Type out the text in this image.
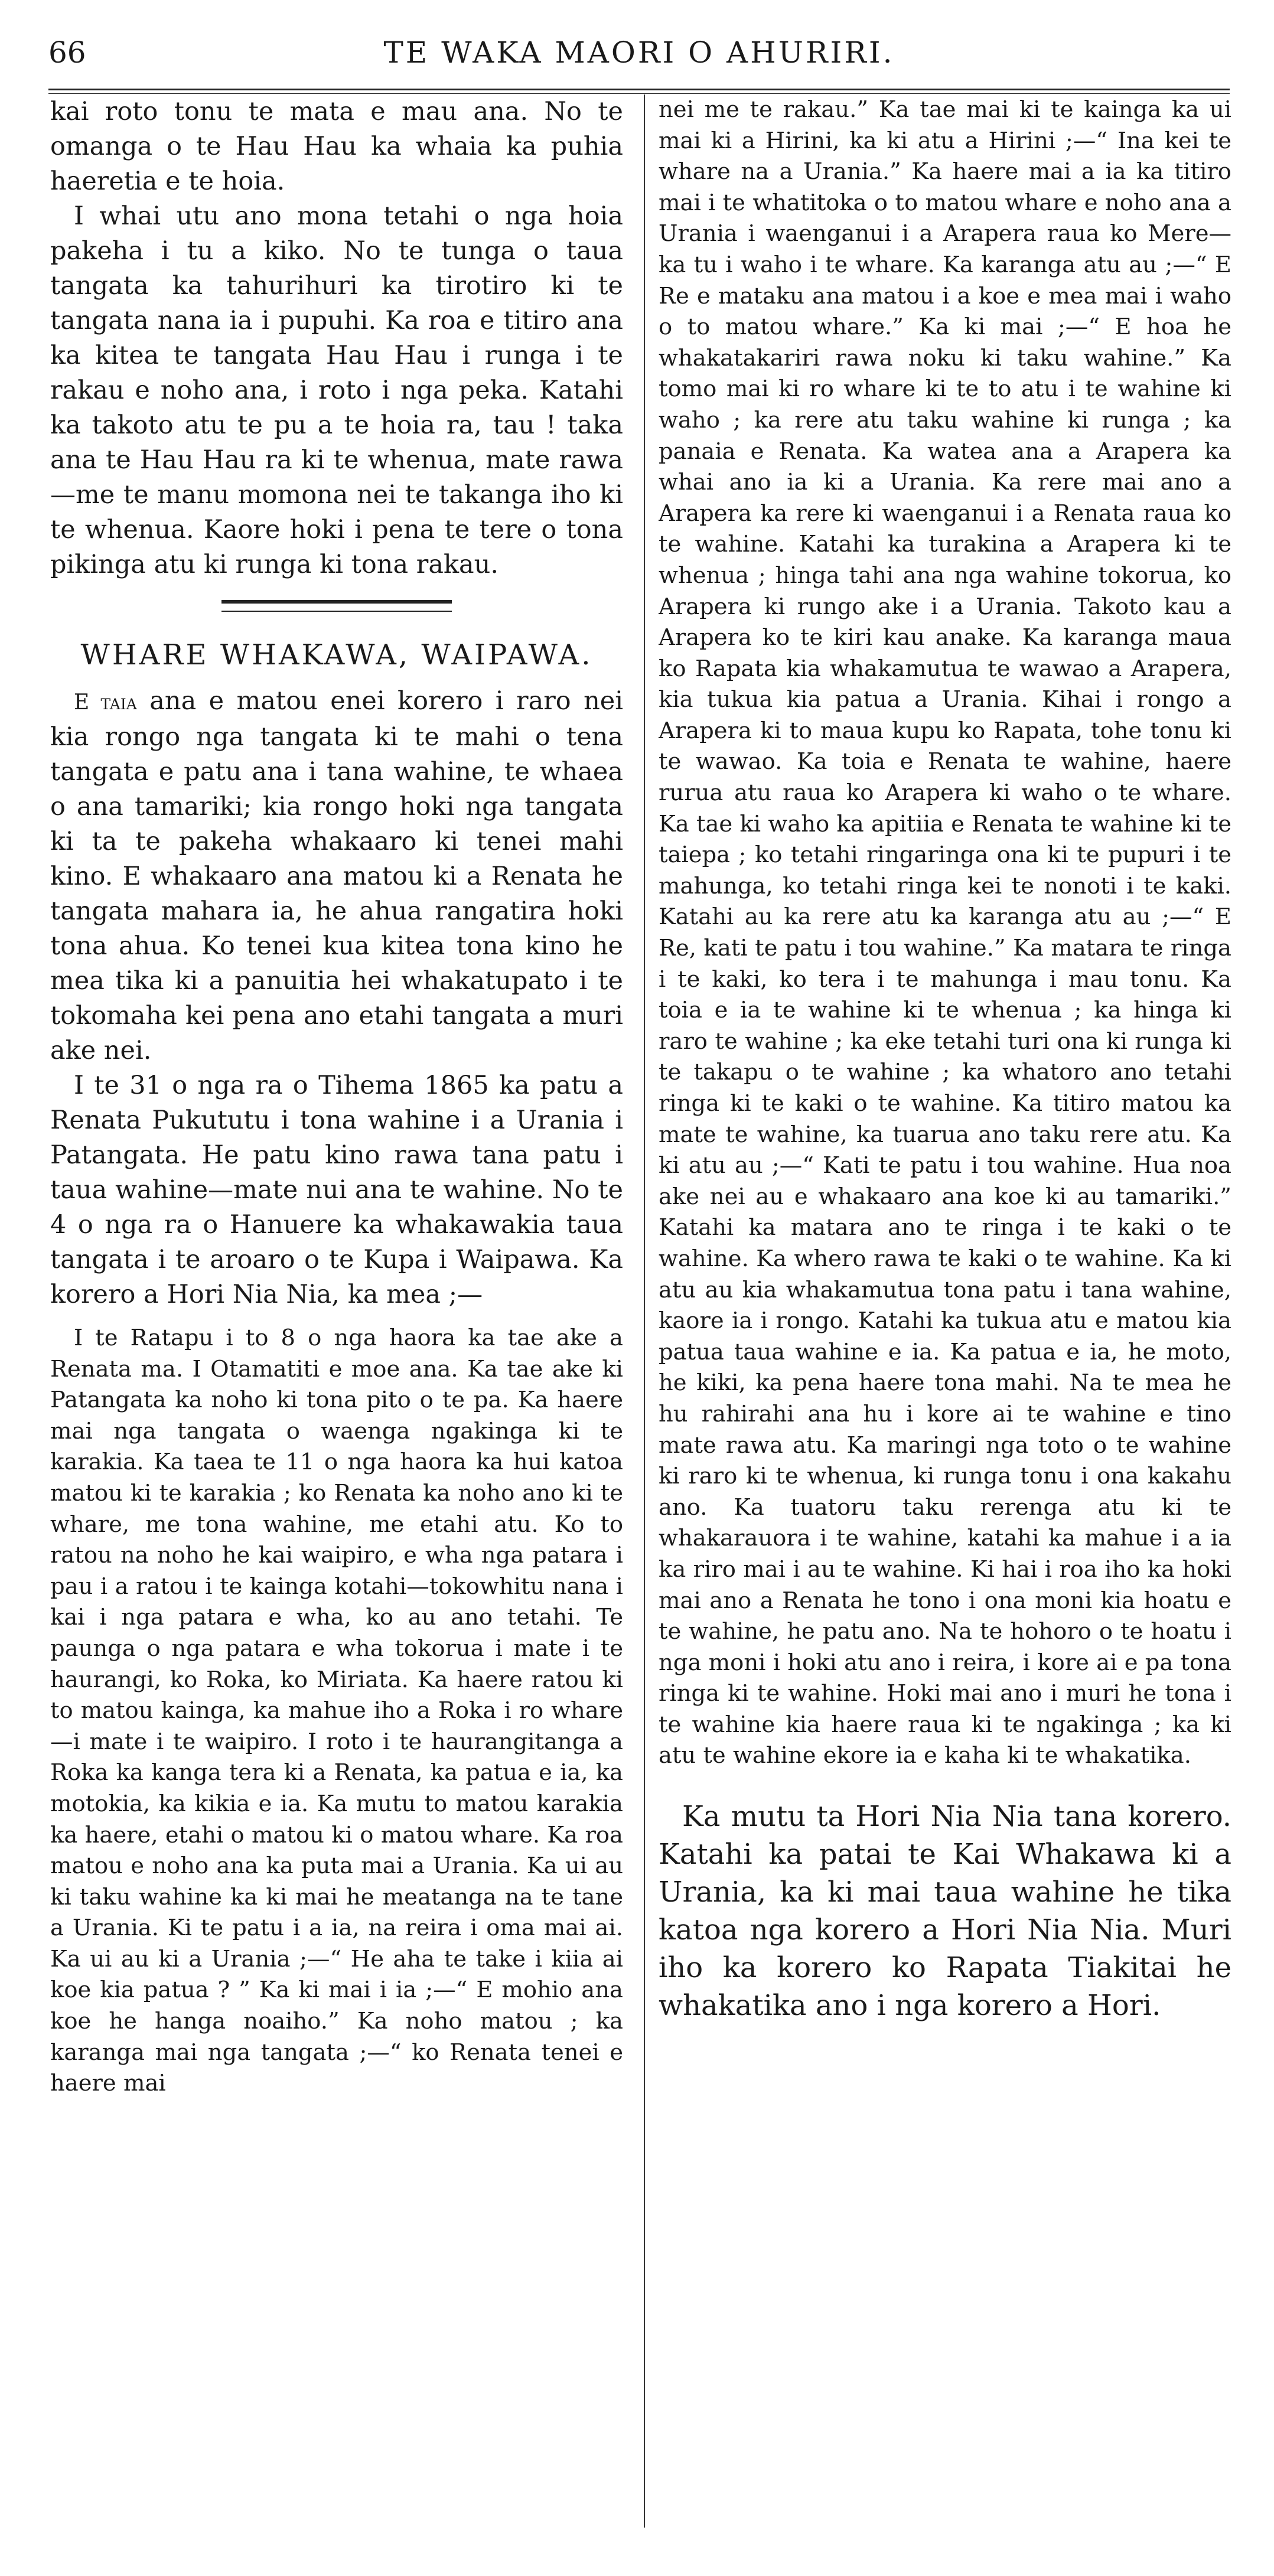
66	TE WAKA MAORI O AHURIRI.

kai roto tonu te mata e mau ana. No te omanga o te Hau Hau ka whaia ka puhia haeretia e te hoia.

I whai utu ano mona tetahi o nga hoia pakeha i tu a kiko. No te tunga o taua tangata ka tahurihuri ka tirotiro ki te tangata nana ia i pupuhi. Ka roa e titiro ana ka kitea te tangata Hau Hau i runga i te rakau e noho ana, i roto i nga peka. Katahi ka takoto atu te pu a te hoia ra, tau ! taka ana te Hau Hau ra ki te whenua, mate rawa—me te manu momona nei te takanga iho ki te whenua. Kaore hoki i pena te tere o tona pikinga atu ki runga ki tona rakau.

WHARE WHAKAWA, WAIPAWA.

E taia ana e matou enei korero i raro nei kia rongo nga tangata ki te mahi o tena tangata e patu ana i tana wahine, te whaea o ana tamariki; kia rongo hoki nga tangata ki ta te pakeha whakaaro ki tenei mahi kino. E whakaaro ana matou ki a Renata he tangata mahara ia, he ahua rangatira hoki tona ahua. Ko tenei kua kitea tona kino he mea tika ki a panuitia hei whakatupato i te tokomaha kei pena ano etahi tangata a muri ake nei.

I te 31 o nga ra o Tihema 1865 ka patu a Renata Pukututu i tona wahine i a Urania i Patangata. He patu kino rawa tana patu i taua wahine—mate nui ana te wahine. No te 4 o nga ra o Hanuere ka whakawakia taua tangata i te aroaro o te Kupa i Waipawa. Ka korero a Hori Nia Nia, ka mea ;—

I te Ratapu i to 8 o nga haora ka tae ake a Renata ma. I Otamatiti e moe ana. Ka tae ake ki Patangata ka noho ki tona pito o te pa. Ka haere mai nga tangata o waenga ngakinga ki te karakia. Ka taea te 11 o nga haora ka hui katoa matou ki te karakia ; ko Renata ka noho ano ki te whare, me tona wahine, me etahi atu. Ko to ratou na noho he kai waipiro, e wha nga patara i pau i a ratou i te kainga kotahi—tokowhitu nana i kai i nga patara e wha, ko au ano tetahi. Te paunga o nga patara e wha tokorua i mate i te haurangi, ko Roka, ko Miriata. Ka haere ratou ki to matou kainga, ka mahue iho a Roka i ro whare—i mate i te waipiro. I roto i te haurangitanga a Roka ka kanga tera ki a Renata, ka patua e ia, ka motokia, ka kikia e ia. Ka mutu to matou karakia ka haere, etahi o matou ki o matou whare. Ka roa matou e noho ana ka puta mai a Urania. Ka ui au ki taku wahine ka ki mai he meatanga na te tane a Urania. Ki te patu i a ia, na reira i oma mai ai. Ka ui au ki a Urania ;—“ He aha te take i kiia ai koe kia patua ? ” Ka ki mai i ia ;—“ E mohio ana koe he hanga noaiho.” Ka noho matou ; ka karanga mai nga tangata ;—“ ko Renata tenei e haere mai

nei me te rakau.” Ka tae mai ki te kainga ka ui mai ki a Hirini, ka ki atu a Hirini ;—“ Ina kei te whare na a Urania.” Ka haere mai a ia ka titiro mai i te whatitoka o to matou whare e noho ana a Urania i waenganui i a Arapera raua ko Mere—ka tu i waho i te whare. Ka karanga atu au ;—“ E Re e mataku ana matou i a koe e mea mai i waho o to matou whare.” Ka ki mai ;—“ E hoa he whakatakariri rawa noku ki taku wahine.” Ka tomo mai ki ro whare ki te to atu i te wahine ki waho ; ka rere atu taku wahine ki runga ; ka panaia e Renata. Ka watea ana a Arapera ka whai ano ia ki a Urania. Ka rere mai ano a Arapera ka rere ki waenganui i a Renata raua ko te wahine. Katahi ka turakina a Arapera ki te whenua ; hinga tahi ana nga wahine tokorua, ko Arapera ki rungo ake i a Urania. Takoto kau a Arapera ko te kiri kau anake. Ka karanga maua ko Rapata kia whakamutua te wawao a Arapera, kia tukua kia patua a Urania. Kihai i rongo a Arapera ki to maua kupu ko Rapata, tohe tonu ki te wawao. Ka toia e Renata te wahine, haere rurua atu raua ko Arapera ki waho o te whare. Ka tae ki waho ka apitiia e Renata te wahine ki te taiepa ; ko tetahi ringaringa ona ki te pupuri i te mahunga, ko tetahi ringa kei te nonoti i te kaki. Katahi au ka rere atu ka karanga atu au ;—“ E Re, kati te patu i tou wahine.” Ka matara te ringa i te kaki, ko tera i te mahunga i mau tonu. Ka toia e ia te wahine ki te whenua ; ka hinga ki raro te wahine ; ka eke tetahi turi ona ki runga ki te takapu o te wahine ; ka whatoro ano tetahi ringa ki te kaki o te wahine. Ka titiro matou ka mate te wahine, ka tuarua ano taku rere atu. Ka ki atu au ;—“ Kati te patu i tou wahine. Hua noa ake nei au e whakaaro ana koe ki au tamariki.” Katahi ka matara ano te ringa i te kaki o te wahine. Ka whero rawa te kaki o te wahine. Ka ki atu au kia whakamutua tona patu i tana wahine, kaore ia i rongo. Katahi ka tukua atu e matou kia patua taua wahine e ia. Ka patua e ia, he moto, he kiki, ka pena haere tona mahi. Na te mea he hu rahirahi ana hu i kore ai te wahine e tino mate rawa atu. Ka maringi nga toto o te wahine ki raro ki te whenua, ki runga tonu i ona kakahu ano. Ka tuatoru taku rerenga atu ki te whakarauora i te wahine, katahi ka mahue i a ia ka riro mai i au te wahine. Ki hai i roa iho ka hoki mai ano a Renata he tono i ona moni kia hoatu e te wahine, he patu ano. Na te hohoro o te hoatu i nga moni i hoki atu ano i reira, i kore ai e pa tona ringa ki te wahine. Hoki mai ano i muri he tona i te wahine kia haere raua ki te ngakinga ; ka ki atu te wahine ekore ia e kaha ki te whakatika.

Ka mutu ta Hori Nia Nia tana korero. Katahi ka patai te Kai Whakawa ki a Urania, ka ki mai taua wahine he tika katoa nga korero a Hori Nia Nia. Muri iho ka korero ko Rapata Tiakitai he whakatika ano i nga korero a Hori.
